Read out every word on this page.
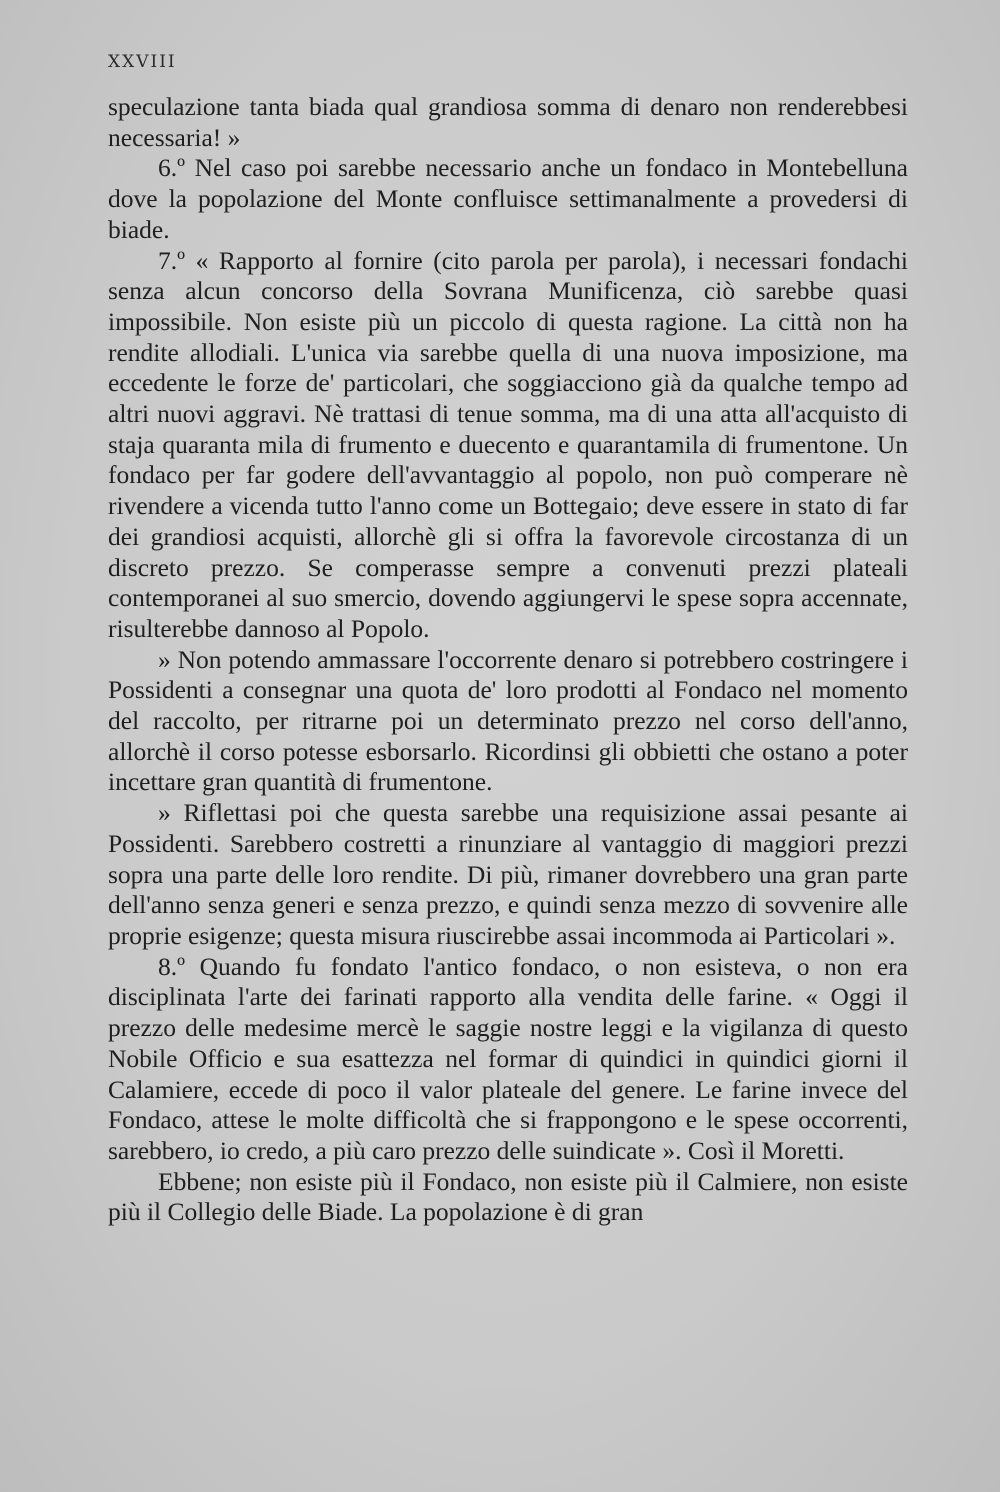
XXVIII

speculazione tanta biada qual grandiosa somma di denaro non renderebbesi necessaria! »

6.º Nel caso poi sarebbe necessario anche un fondaco in Montebelluna dove la popolazione del Monte confluisce settimanalmente a provedersi di biade.

7.º « Rapporto al fornire (cito parola per parola), i necessari fondachi senza alcun concorso della Sovrana Munificenza, ciò sarebbe quasi impossibile. Non esiste più un piccolo di questa ragione. La città non ha rendite allodiali. L'unica via sarebbe quella di una nuova imposizione, ma eccedente le forze de' particolari, che soggiacciono già da qualche tempo ad altri nuovi aggravi. Nè trattasi di tenue somma, ma di una atta all'acquisto di staja quaranta mila di frumento e duecento e quarantamila di frumentone. Un fondaco per far godere dell'avvantaggio al popolo, non può comperare nè rivendere a vicenda tutto l'anno come un Bottegaio; deve essere in stato di far dei grandiosi acquisti, allorchè gli si offra la favorevole circostanza di un discreto prezzo. Se comperasse sempre a convenuti prezzi plateali contemporanei al suo smercio, dovendo aggiungervi le spese sopra accennate, risulterebbe dannoso al Popolo.

» Non potendo ammassare l'occorrente denaro si potrebbero costringere i Possidenti a consegnar una quota de' loro prodotti al Fondaco nel momento del raccolto, per ritrarne poi un determinato prezzo nel corso dell'anno, allorchè il corso potesse esborsarlo. Ricordinsi gli obbietti che ostano a poter incettare gran quantità di frumentone.

» Riflettasi poi che questa sarebbe una requisizione assai pesante ai Possidenti. Sarebbero costretti a rinunziare al vantaggio di maggiori prezzi sopra una parte delle loro rendite. Di più, rimaner dovrebbero una gran parte dell'anno senza generi e senza prezzo, e quindi senza mezzo di sovvenire alle proprie esigenze; questa misura riuscirebbe assai incommoda ai Particolari ».

8.º Quando fu fondato l'antico fondaco, o non esisteva, o non era disciplinata l'arte dei farinati rapporto alla vendita delle farine. « Oggi il prezzo delle medesime mercè le saggie nostre leggi e la vigilanza di questo Nobile Officio e sua esattezza nel formar di quindici in quindici giorni il Calamiere, eccede di poco il valor plateale del genere. Le farine invece del Fondaco, attese le molte difficoltà che si frappongono e le spese occorrenti, sarebbero, io credo, a più caro prezzo delle suindicate ». Così il Moretti.

Ebbene; non esiste più il Fondaco, non esiste più il Calmiere, non esiste più il Collegio delle Biade. La popolazione è di gran
